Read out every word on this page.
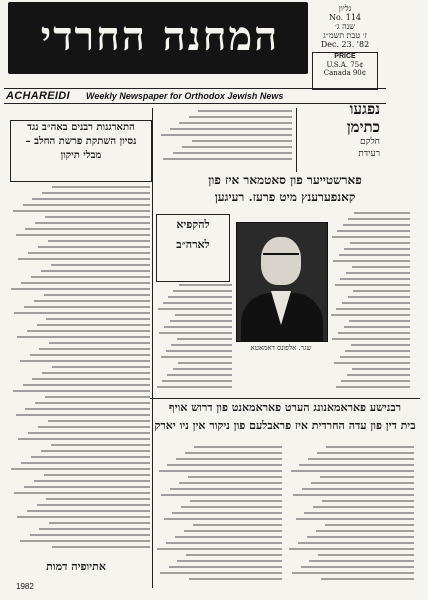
המחנה החרדי
גליון
No. 114
שנה ג׳
ז׳ טבת תשמ״ג
Dec. 23. '82
PRICE
U.S.A. 75¢
Canada 90¢
ACHAREIDI Weekly Newspaper for Orthodox Jewish News
התארגנות רבנים באה״ב נגד
נסיון השתקת פרשת החלב –
מבלי תיקון
נפגעו
כתימן
חלקם
רעידת
פארשטייער פון סאטמאר איז פון
קאנפערענץ מיט פרעז. רעיגען
להקפיא
לארה״ב
שגר. אלפונס דאמאטא
רבנישע פאראמאנונג הערט פאראמאנט פון דרוש אויף
בית דין פון עדה החרדית איז פראבלעם פון ניקור אין ניו יארק
אתיופיה דמות
1982
